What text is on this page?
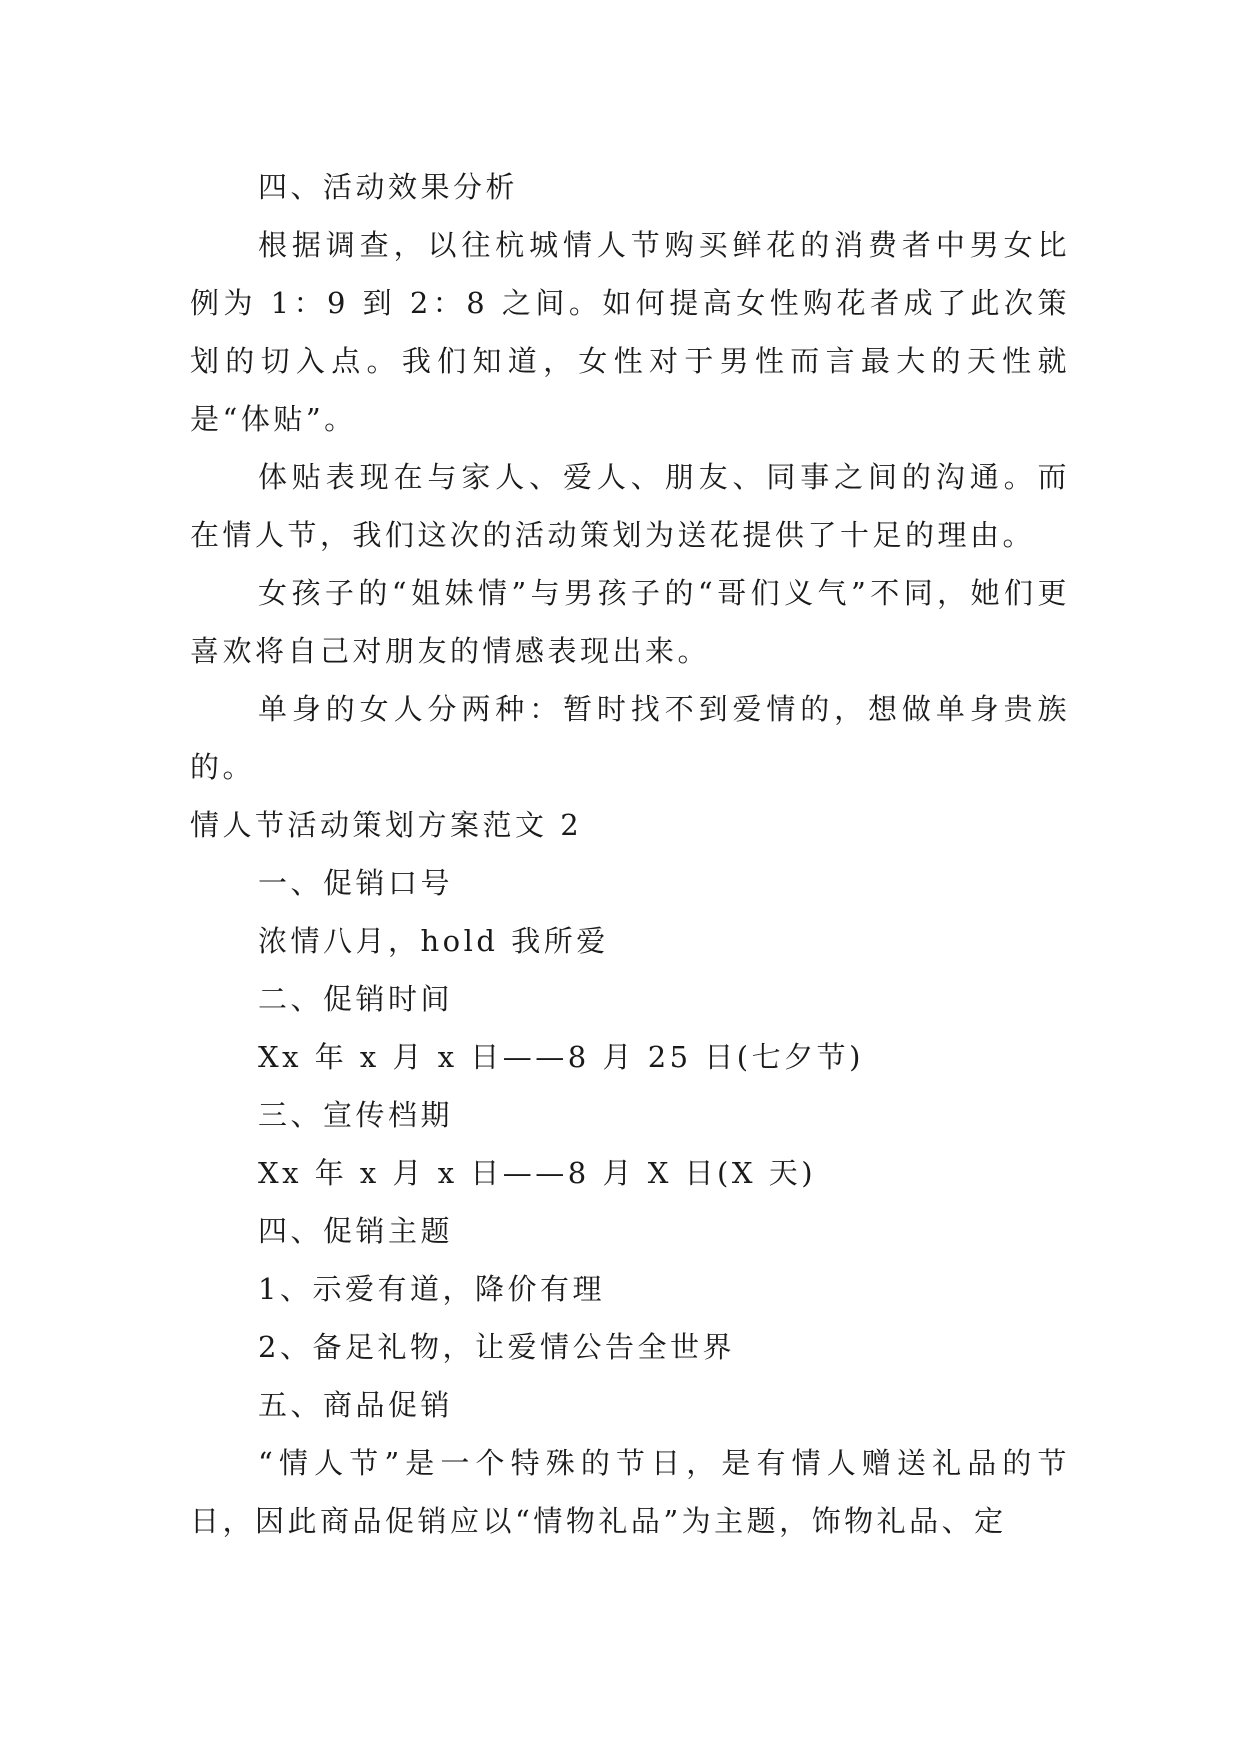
四、活动效果分析

根据调查，以往杭城情人节购买鲜花的消费者中男女比例为 1：9 到 2：8 之间。如何提高女性购花者成了此次策划的切入点。我们知道，女性对于男性而言最大的天性就是“体贴”。

体贴表现在与家人、爱人、朋友、同事之间的沟通。而在情人节，我们这次的活动策划为送花提供了十足的理由。

女孩子的“姐妹情”与男孩子的“哥们义气”不同，她们更喜欢将自己对朋友的情感表现出来。

单身的女人分两种：暂时找不到爱情的，想做单身贵族的。

情人节活动策划方案范文 2

一、促销口号

浓情八月，hold 我所爱

二、促销时间

Xx 年 x 月 x 日——8 月 25 日(七夕节)

三、宣传档期

Xx 年 x 月 x 日——8 月 X 日(X 天)

四、促销主题

1、示爱有道，降价有理

2、备足礼物，让爱情公告全世界

五、商品促销

“情人节”是一个特殊的节日，是有情人赠送礼品的节日，因此商品促销应以“情物礼品”为主题，饰物礼品、定
